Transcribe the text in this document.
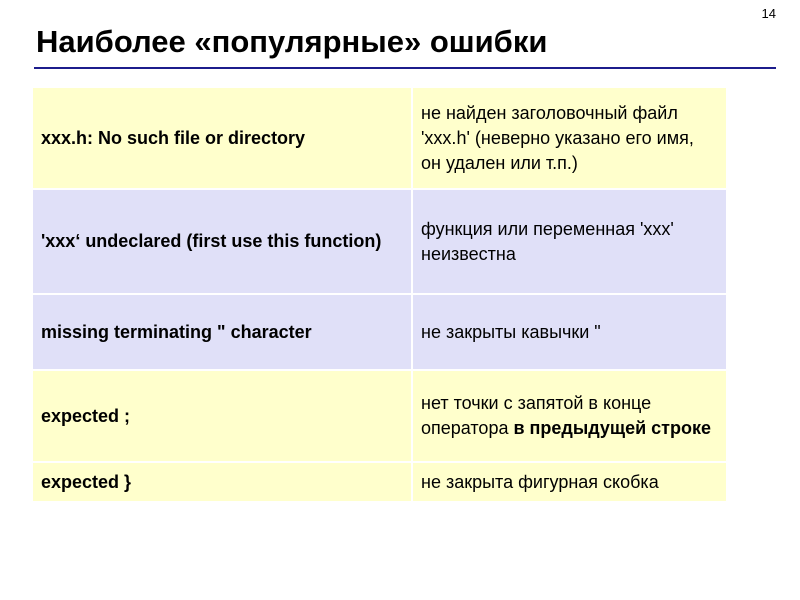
14
Наиболее «популярные» ошибки
xxx.h: No such file or directory	не найден заголовочный файл 'xxx.h' (неверно указано его имя, он удален или т.п.)
'xxx‘ undeclared (first use this function)	функция или переменная 'xxx' неизвестна
missing terminating " character	не закрыты кавычки "
expected ;	нет точки с запятой в конце оператора в предыдущей строке
expected }	не закрыта фигурная скобка
